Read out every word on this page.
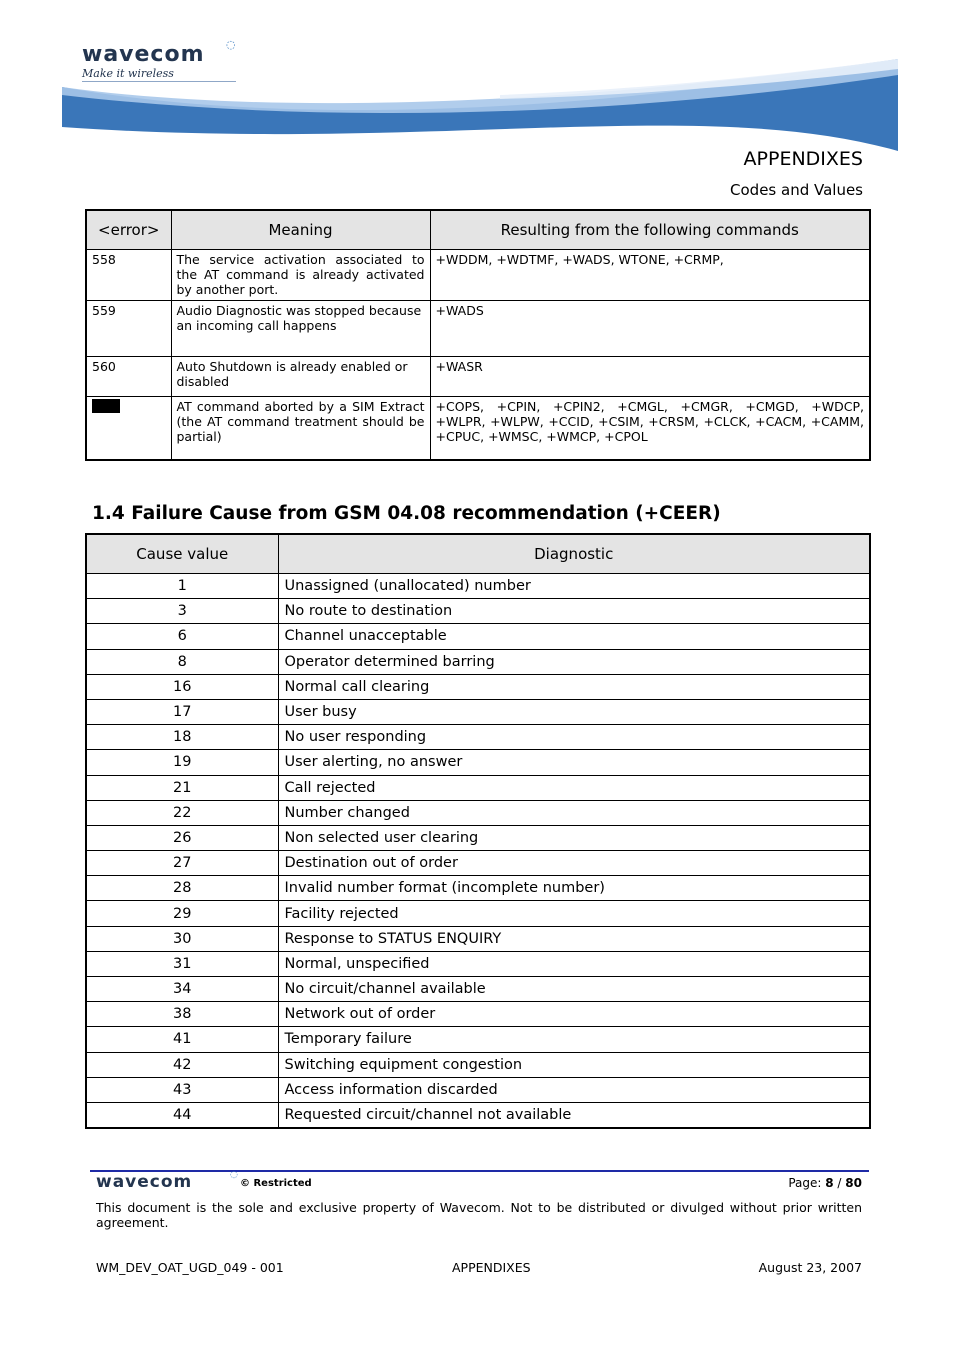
wavecom ◌
Make it wireless
APPENDIXES
Codes and Values
<error>	Meaning	Resulting from the following commands
558	The service activation associated to the AT command is already activated by another port.	+WDDM, +WDTMF, +WADS, WTONE, +CRMP,
559	Audio Diagnostic was stopped because an incoming call happens	+WADS
560	Auto Shutdown is already enabled or disabled	+WASR
	AT command aborted by a SIM Extract (the AT command treatment should be partial)	+COPS, +CPIN, +CPIN2, +CMGL, +CMGR, +CMGD, +WDCP, +WLPR, +WLPW, +CCID, +CSIM, +CRSM, +CLCK, +CACM, +CAMM, +CPUC, +WMSC, +WMCP, +CPOL
1.4 Failure Cause from GSM 04.08 recommendation (+CEER)
Cause value	Diagnostic
1	Unassigned (unallocated) number
3	No route to destination
6	Channel unacceptable
8	Operator determined barring
16	Normal call clearing
17	User busy
18	No user responding
19	User alerting, no answer
21	Call rejected
22	Number changed
26	Non selected user clearing
27	Destination out of order
28	Invalid number format (incomplete number)
29	Facility rejected
30	Response to STATUS ENQUIRY
31	Normal, unspecified
34	No circuit/channel available
38	Network out of order
41	Temporary failure
42	Switching equipment congestion
43	Access information discarded
44	Requested circuit/channel not available
wavecom	◌
© Restricted	Page: 8 / 80
This document is the sole and exclusive property of Wavecom. Not to be distributed or divulged without prior written agreement.
WM_DEV_OAT_UGD_049 - 001	APPENDIXES	August 23, 2007
